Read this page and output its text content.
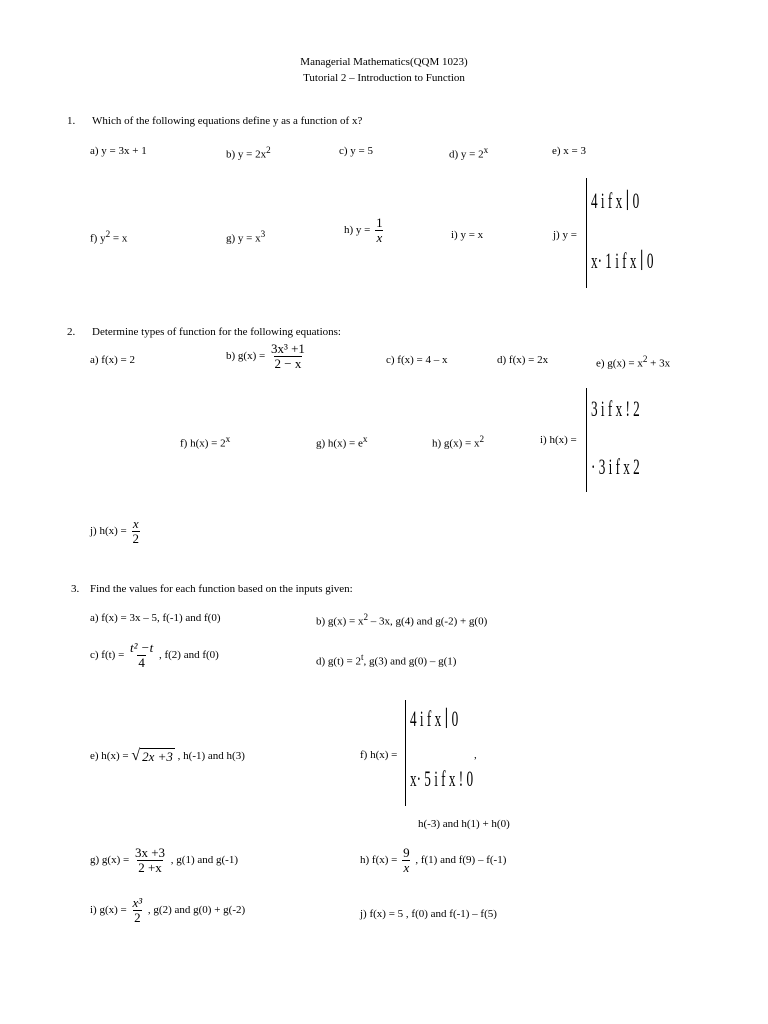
Managerial Mathematics(QQM 1023)
Tutorial 2 – Introduction to Function
1. Which of the following equations define y as a function of x?
a) y = 3x + 1	b) $y = 2x^2$	c) y = 5	d) $y = 2^x$	e) x = 3
f) $y^2 = x$	g) $y = x^3$	h) $y = \frac{1}{x}$	i) y = x	j) y =
4 i f x ∣ 0
x· 1 i f x ∣ 0
2. Determine types of function for the following equations:
a) f(x) = 2	b) $g(x) = \frac{\text{3x³ +1}}{2 - x}$	c) f(x) = 4 – x	d) f(x) = 2x	e) $g(x) = x^2 + 3x$
f) $h(x) = 2^x$	g) $h(x) = e^x$	h) $g(x) = x^2$	i) h(x) =
3 i f x ! 2
· 3 i f x 2
j) $h(x) = \frac{x}{2}$
3. Find the values for each function based on the inputs given:
a) f(x) = 3x – 5, f(-1) and f(0)	b) $g(x) = x^2 - 3x$, g(4) and g(-2) + g(0)
c) $f(t) = \frac{\text{t² −t}}{4}$ , f(2) and f(0)
d) $g(t) = 2^t$, g(3) and g(0) – g(1)
e) h(x) = √ 2x +3 , h(-1) and h(3)	f) h(x) =
4 i f x ∣ 0
x· 5 i f x ! 0
,
h(-3) and h(1) + h(0)
g) $g(x) = \frac{3x +3}{2 +x}$ , g(1) and g(-1)	h) $f(x) = \frac{9}{x}$ , f(1) and f(9) – f(-1)
i) $g(x) = \frac{\text{x³}}{2}$ , g(2) and g(0) + g(-2)	j) f(x) = 5 , f(0) and f(-1) – f(5)
